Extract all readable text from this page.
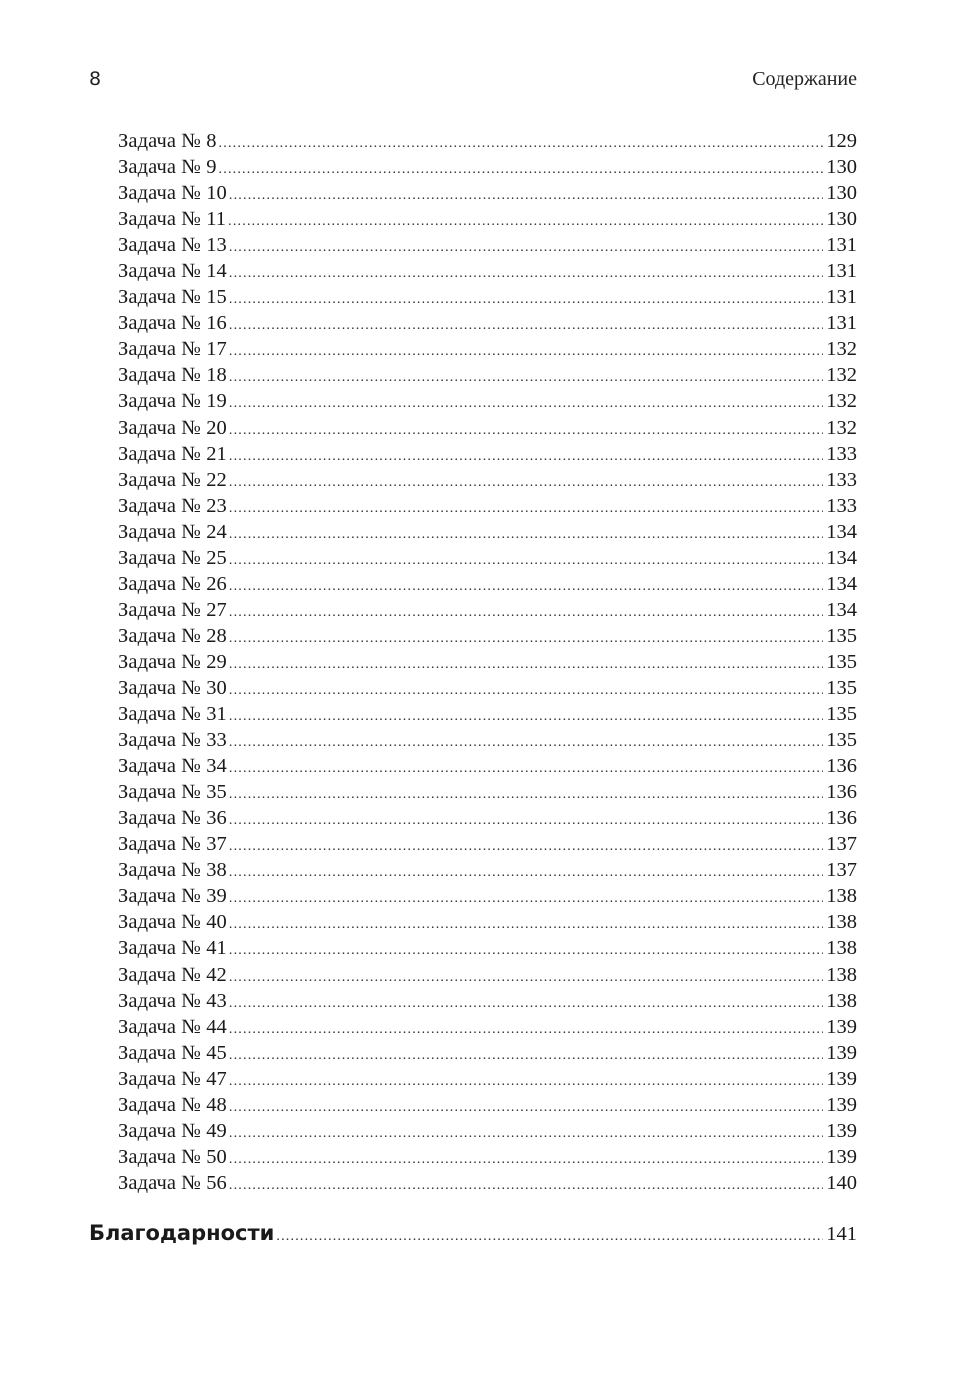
8	Содержание
Задача № 8 .....	129
Задача № 9 .....	130
Задача № 10 .....	130
Задача № 11 .....	130
Задача № 13 .....	131
Задача № 14 .....	131
Задача № 15 .....	131
Задача № 16 .....	131
Задача № 17 .....	132
Задача № 18 .....	132
Задача № 19 .....	132
Задача № 20 .....	132
Задача № 21 .....	133
Задача № 22 .....	133
Задача № 23 .....	133
Задача № 24 .....	134
Задача № 25 .....	134
Задача № 26 .....	134
Задача № 27 .....	134
Задача № 28 .....	135
Задача № 29 .....	135
Задача № 30 .....	135
Задача № 31 .....	135
Задача № 33 .....	135
Задача № 34 .....	136
Задача № 35 .....	136
Задача № 36 .....	136
Задача № 37 .....	137
Задача № 38 .....	137
Задача № 39 .....	138
Задача № 40 .....	138
Задача № 41 .....	138
Задача № 42 .....	138
Задача № 43 .....	138
Задача № 44 .....	139
Задача № 45 .....	139
Задача № 47 .....	139
Задача № 48 .....	139
Задача № 49 .....	139
Задача № 50 .....	139
Задача № 56 .....	140
Благодарности .....	141
